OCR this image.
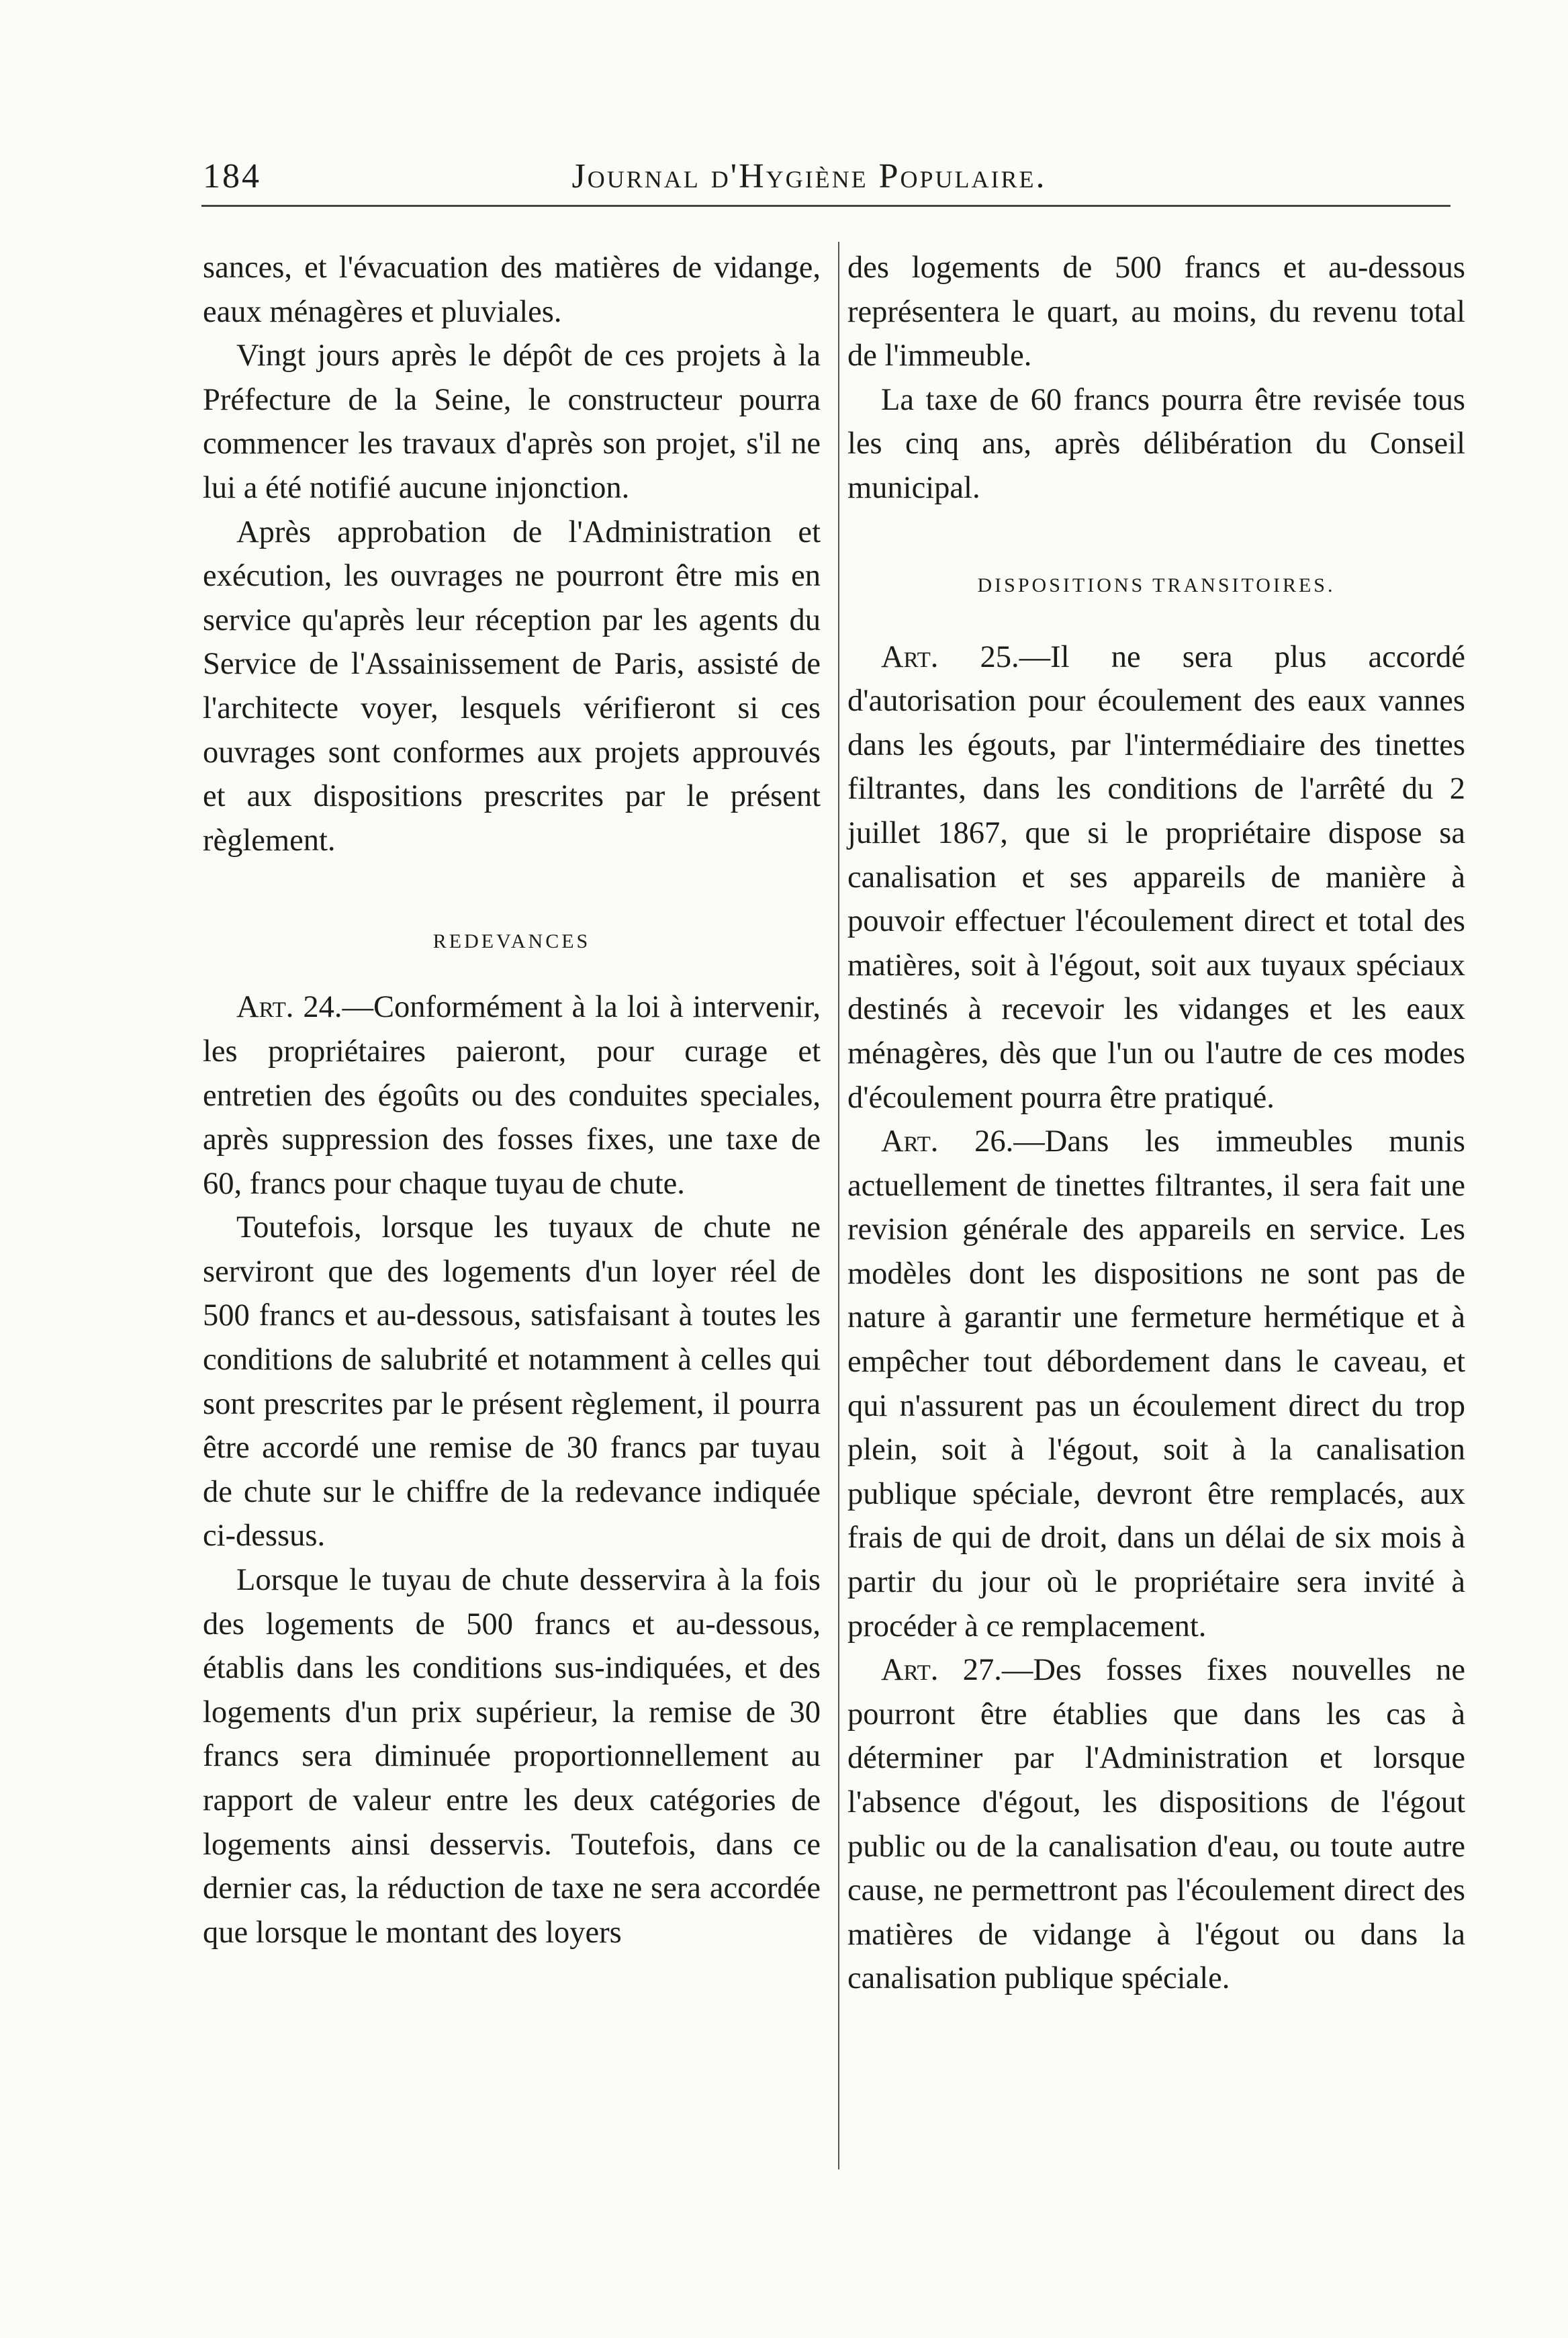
184	Journal d'Hygiène Populaire.

sances, et l'évacuation des matières de vidange, eaux ménagères et pluviales.

Vingt jours après le dépôt de ces projets à la Préfecture de la Seine, le constructeur pourra commencer les travaux d'après son projet, s'il ne lui a été notifié aucune injonction.

Après approbation de l'Administration et exécution, les ouvrages ne pourront être mis en service qu'après leur réception par les agents du Service de l'Assainissement de Paris, assisté de l'architecte voyer, lesquels vérifieront si ces ouvrages sont conformes aux projets approuvés et aux dispositions prescrites par le présent règlement.

REDEVANCES

Art. 24.—Conformément à la loi à intervenir, les propriétaires paieront, pour curage et entretien des égoûts ou des conduites speciales, après suppression des fosses fixes, une taxe de 60, francs pour chaque tuyau de chute.

Toutefois, lorsque les tuyaux de chute ne serviront que des logements d'un loyer réel de 500 francs et au-dessous, satisfaisant à toutes les conditions de salubrité et notamment à celles qui sont prescrites par le présent règlement, il pourra être accordé une remise de 30 francs par tuyau de chute sur le chiffre de la redevance indiquée ci-dessus.

Lorsque le tuyau de chute desservira à la fois des logements de 500 francs et au-dessous, établis dans les conditions sus-indiquées, et des logements d'un prix supérieur, la remise de 30 francs sera diminuée proportionnellement au rapport de valeur entre les deux catégories de logements ainsi desservis. Toutefois, dans ce dernier cas, la réduction de taxe ne sera accordée que lorsque le montant des loyers

des logements de 500 francs et au-dessous représentera le quart, au moins, du revenu total de l'immeuble.

La taxe de 60 francs pourra être revisée tous les cinq ans, après délibération du Conseil municipal.

DISPOSITIONS TRANSITOIRES.

Art. 25.—Il ne sera plus accordé d'autorisation pour écoulement des eaux vannes dans les égouts, par l'intermédiaire des tinettes filtrantes, dans les conditions de l'arrêté du 2 juillet 1867, que si le propriétaire dispose sa canalisation et ses appareils de manière à pouvoir effectuer l'écoulement direct et total des matières, soit à l'égout, soit aux tuyaux spéciaux destinés à recevoir les vidanges et les eaux ménagères, dès que l'un ou l'autre de ces modes d'écoulement pourra être pratiqué.

Art. 26.—Dans les immeubles munis actuellement de tinettes filtrantes, il sera fait une revision générale des appareils en service. Les modèles dont les dispositions ne sont pas de nature à garantir une fermeture hermétique et à empêcher tout débordement dans le caveau, et qui n'assurent pas un écoulement direct du trop plein, soit à l'égout, soit à la canalisation publique spéciale, devront être remplacés, aux frais de qui de droit, dans un délai de six mois à partir du jour où le propriétaire sera invité à procéder à ce remplacement.

Art. 27.—Des fosses fixes nouvelles ne pourront être établies que dans les cas à déterminer par l'Administration et lorsque l'absence d'égout, les dispositions de l'égout public ou de la canalisation d'eau, ou toute autre cause, ne permettront pas l'écoulement direct des matières de vidange à l'égout ou dans la canalisation publique spéciale.
